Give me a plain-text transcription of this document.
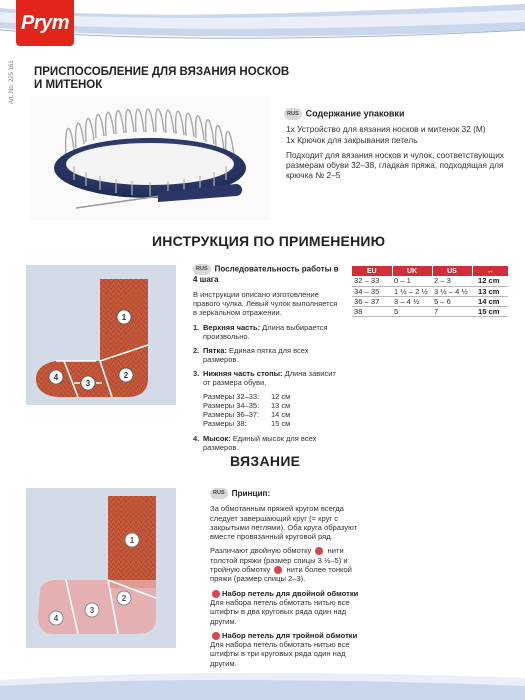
Prym
ПРИСПОСОБЛЕНИЕ ДЛЯ ВЯЗАНИЯ НОСКОВ И МИТЕНОК
Art. No. 225 161
RUS Содержание упаковки
1х Устройство для вязания носков и митенок 32 (M)
1х Крючок для закрывания петель
Подходит для вязания носков и чулок, соответствующих размерам обуви 32–38, гладкая пряжа, подходящая для крючка № 2–5
ИНСТРУКЦИЯ ПО ПРИМЕНЕНИЮ
1
2
3
4
RUS Последовательность работы в 4 шага
В инструкции описано изготовление правого чулка. Левый чулок выполняется в зеркальном отражении.
1. Верхняя часть: Длина выбирается произвольно.
2. Пятка: Единая пятка для всех размеров.
3. Нижняя часть стопы: Длина зависит от размера обуви.
Размеры 32–33:	12 см
Размеры 34–35:	13 см
Размеры 36–37:	14 см
Размеры 38:	15 см
4. Мысок: Единый мысок для всех размеров.
EU	UK	US	↔
32 – 33	0 – 1	2 – 3	12 cm
34 – 35	1 ½ – 2 ½	3 ½ – 4 ½	13 cm
36 – 37	3 – 4 ½	5 – 6	14 cm
38	5	7	15 cm
ВЯЗАНИЕ
1
2
3
4
RUS Принцип:
За обмотанным пряжей кругом всегда следует завершающий круг (= круг с закрытыми петлями). Оба круга образуют вместе провязанный круговой ряд.
Различают двойную обмотку  нити толстой пряжи (размер спицы 3 ½–5) и тройную обмотку  нити более тонкой пряжи (размер спицы 2–3).
Набор петель для двойной обмотки
Для набора петель обмотать нитью все штифты в два круговых ряда один над другим.
Набор петель для тройной обмотки
Для набора петель обмотать нитью все штифты в три круговых ряда один над другим.
